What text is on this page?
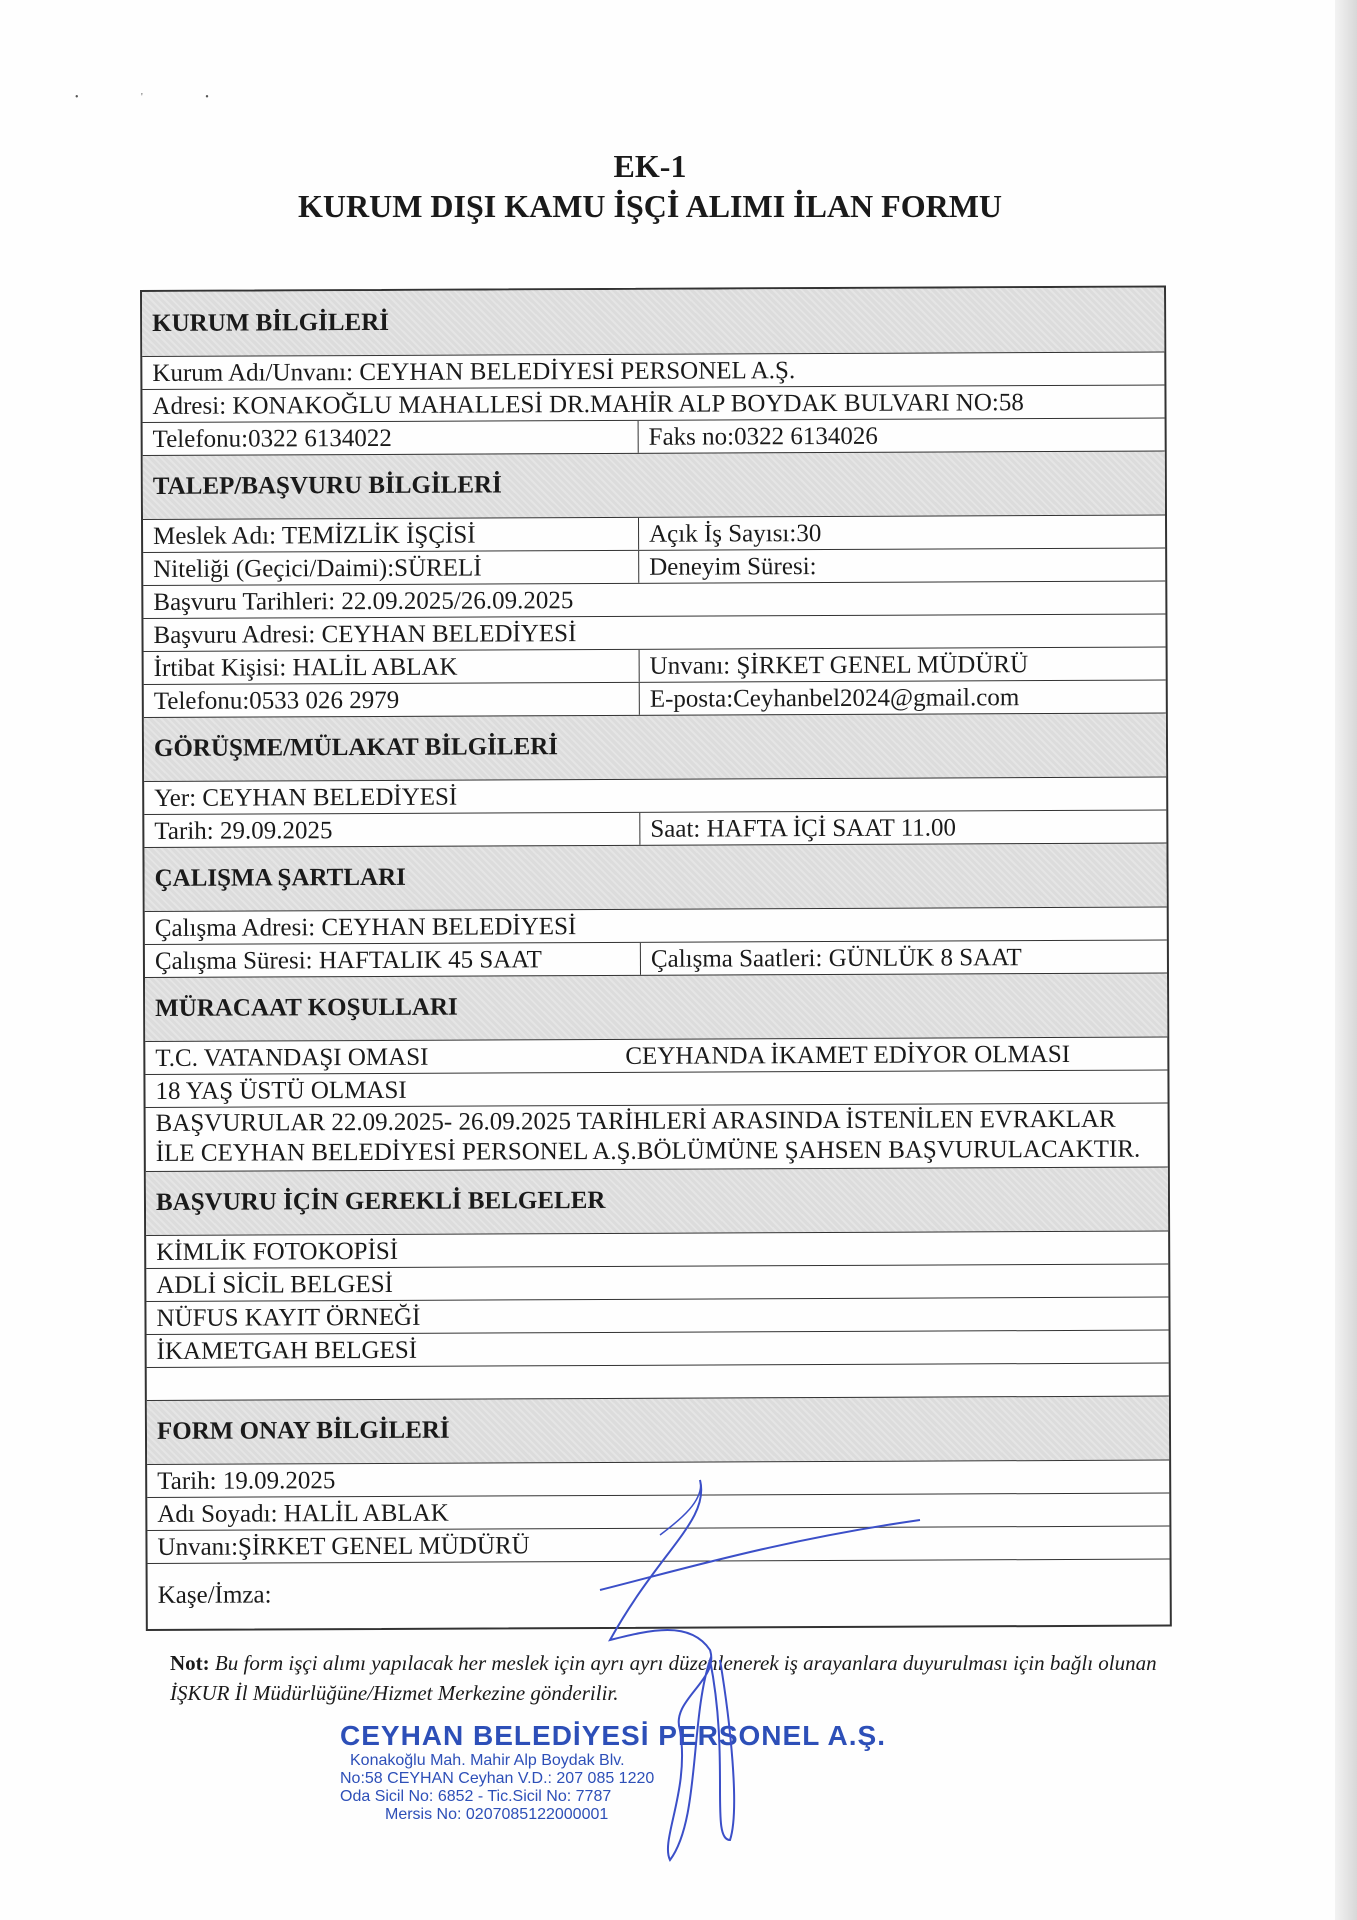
• ' •
EK-1
KURUM DIŞI KAMU İŞÇİ ALIMI İLAN FORMU
KURUM BİLGİLERİ
Kurum Adı/Unvanı: CEYHAN BELEDİYESİ PERSONEL A.Ş.
Adresi: KONAKOĞLU MAHALLESİ DR.MAHİR ALP BOYDAK BULVARI NO:58
Telefonu:0322 6134022	Faks no:0322 6134026
TALEP/BAŞVURU BİLGİLERİ
Meslek Adı: TEMİZLİK İŞÇİSİ	Açık İş Sayısı:30
Niteliği (Geçici/Daimi):SÜRELİ	Deneyim Süresi:
Başvuru Tarihleri: 22.09.2025/26.09.2025
Başvuru Adresi: CEYHAN BELEDİYESİ
İrtibat Kişisi: HALİL ABLAK	Unvanı: ŞİRKET GENEL MÜDÜRÜ
Telefonu:0533 026 2979	E-posta:Ceyhanbel2024@gmail.com
GÖRÜŞME/MÜLAKAT BİLGİLERİ
Yer: CEYHAN BELEDİYESİ
Tarih: 29.09.2025	Saat: HAFTA İÇİ SAAT 11.00
ÇALIŞMA ŞARTLARI
Çalışma Adresi: CEYHAN BELEDİYESİ
Çalışma Süresi: HAFTALIK 45 SAAT	Çalışma Saatleri: GÜNLÜK 8 SAAT
MÜRACAAT KOŞULLARI
T.C. VATANDAŞI OMASI	CEYHANDA İKAMET EDİYOR OLMASI
18 YAŞ ÜSTÜ OLMASI
BAŞVURULAR 22.09.2025- 26.09.2025 TARİHLERİ ARASINDA İSTENİLEN EVRAKLAR İLE CEYHAN BELEDİYESİ PERSONEL A.Ş.BÖLÜMÜNE ŞAHSEN BAŞVURULACAKTIR.
BAŞVURU İÇİN GEREKLİ BELGELER
KİMLİK FOTOKOPİSİ
ADLİ SİCİL BELGESİ
NÜFUS KAYIT ÖRNEĞİ
İKAMETGAH BELGESİ
FORM ONAY BİLGİLERİ
Tarih: 19.09.2025
Adı Soyadı: HALİL ABLAK
Unvanı:ŞİRKET GENEL MÜDÜRÜ
Kaşe/İmza:
Not: Bu form işçi alımı yapılacak her meslek için ayrı ayrı düzenlenerek iş arayanlara duyurulması için bağlı olunan İŞKUR İl Müdürlüğüne/Hizmet Merkezine gönderilir.
CEYHAN BELEDİYESİ PERSONEL A.Ş.
Konakoğlu Mah. Mahir Alp Boydak Blv.
No:58 CEYHAN Ceyhan V.D.: 207 085 1220
Oda Sicil No: 6852 - Tic.Sicil No: 7787
Mersis No: 0207085122000001
